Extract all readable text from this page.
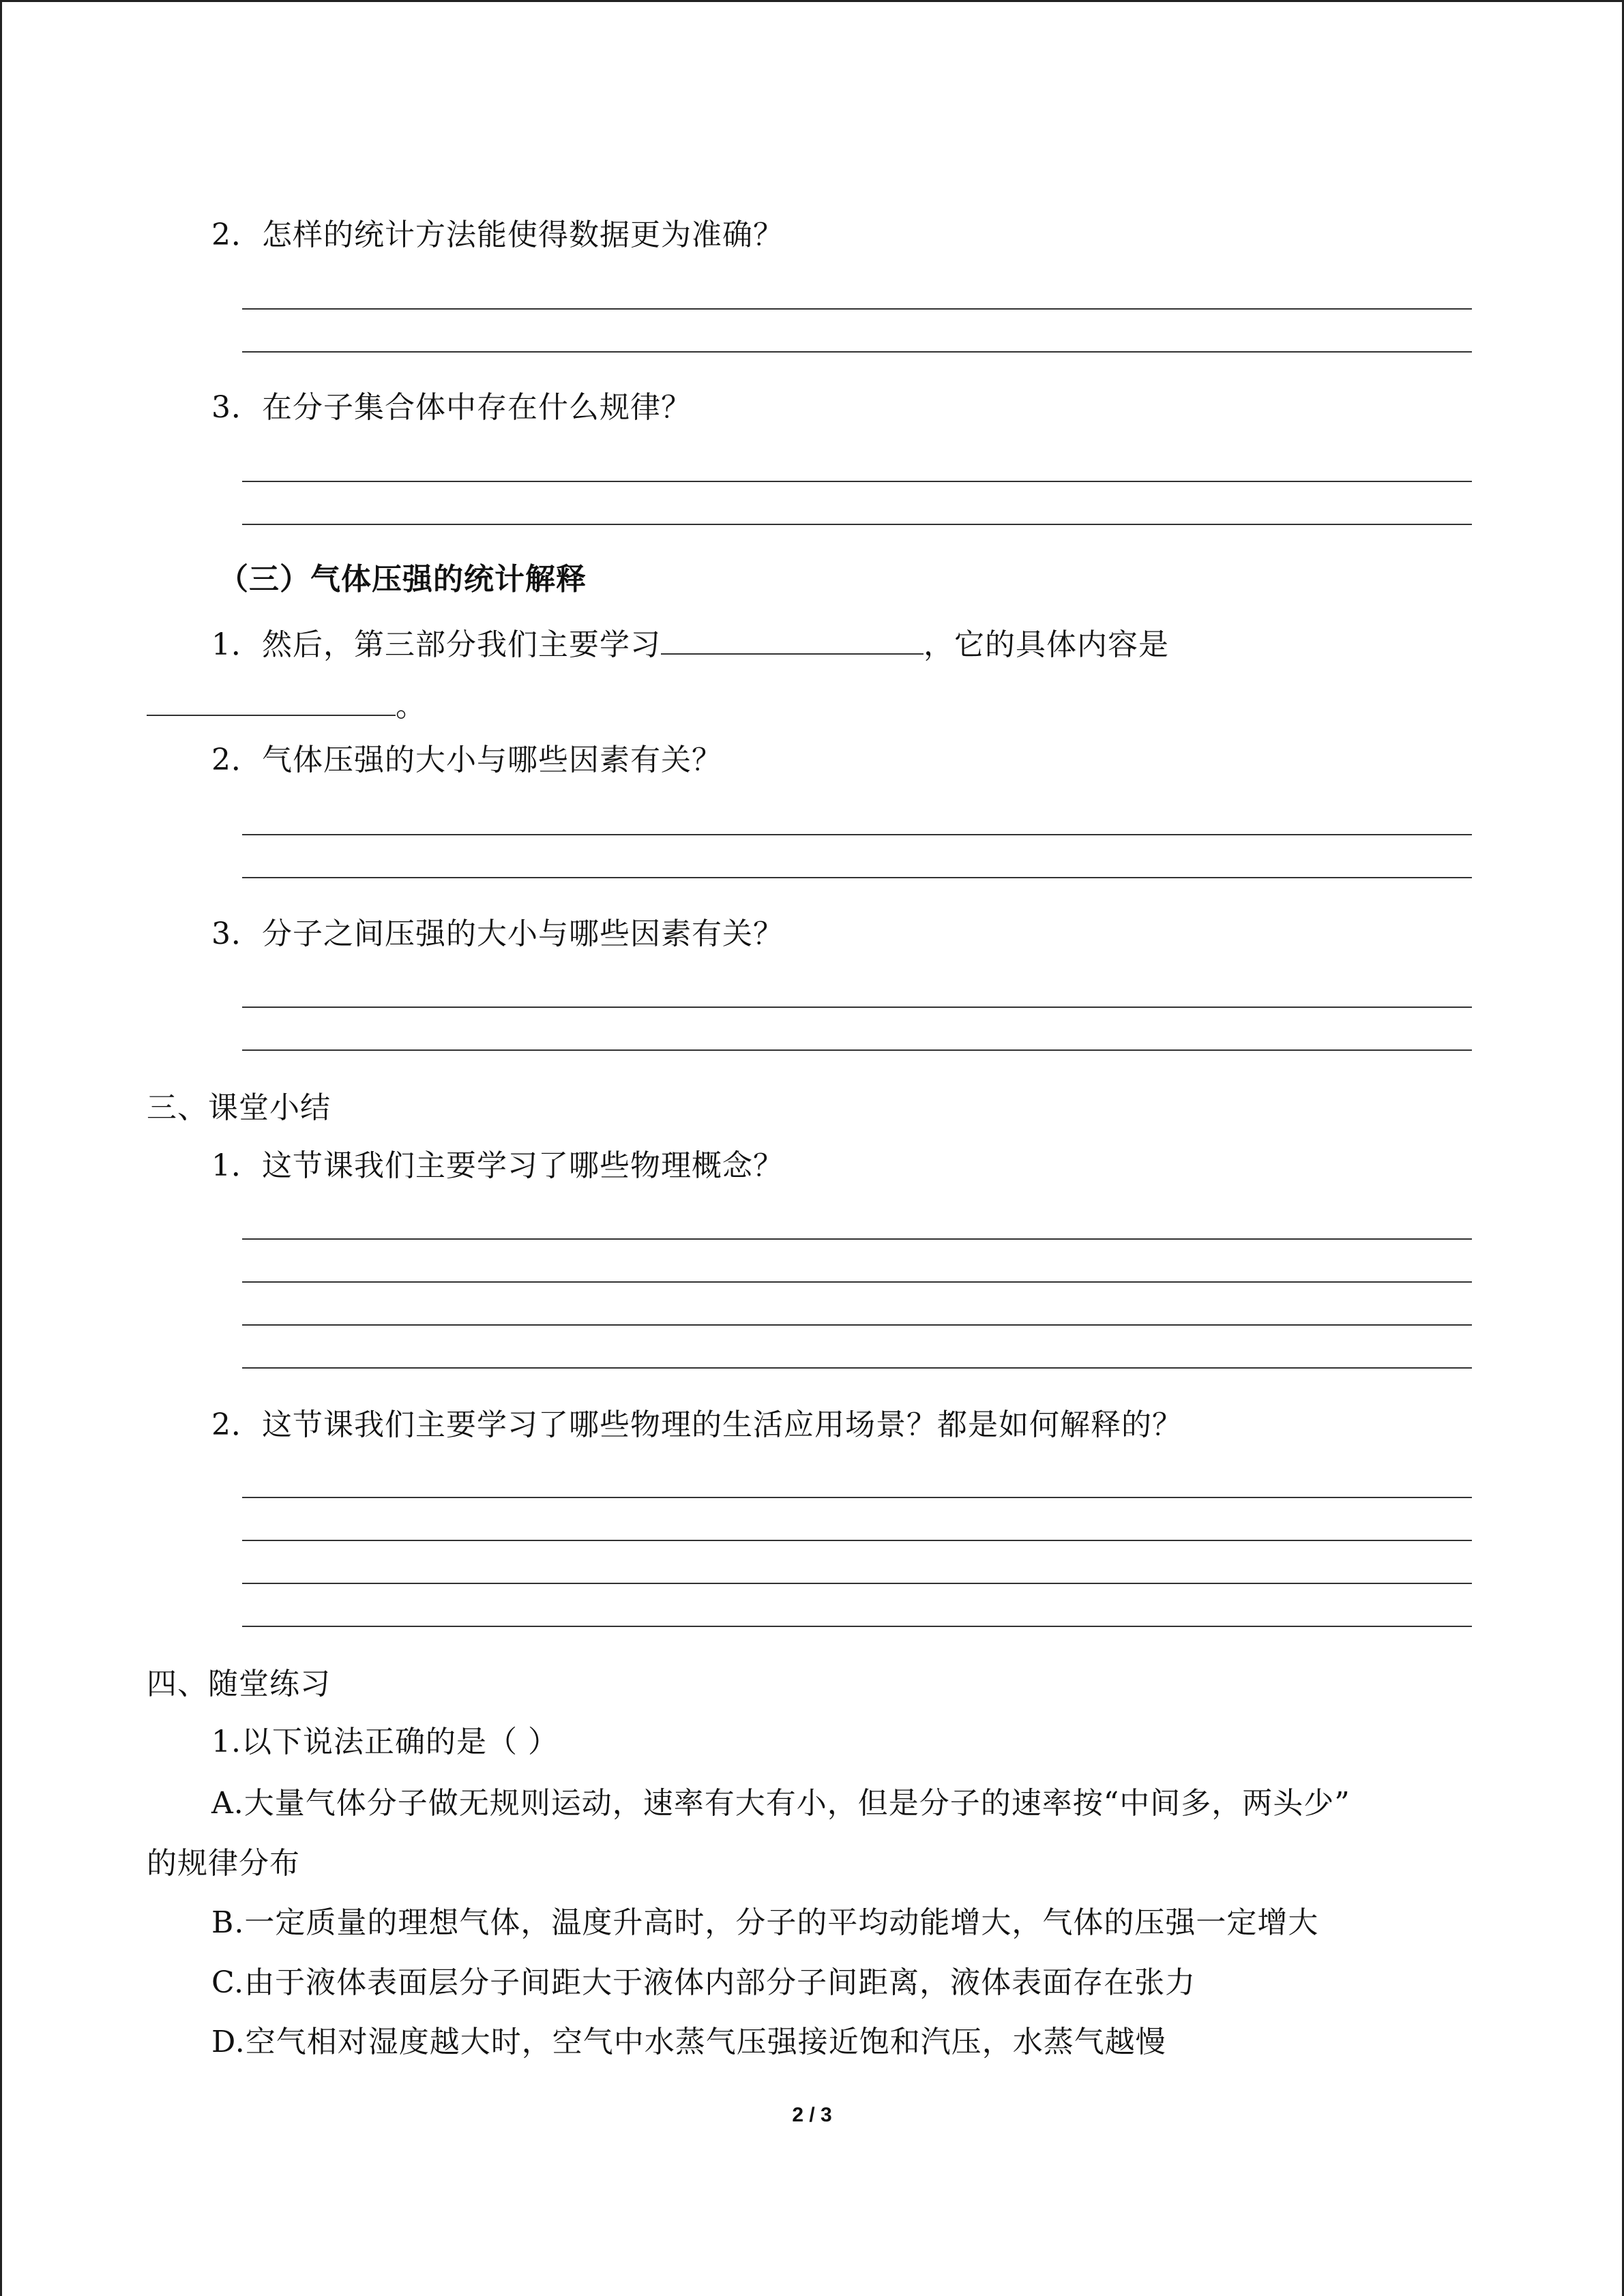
2．怎样的统计方法能使得数据更为准确？
3．在分子集合体中存在什么规律？
（三）气体压强的统计解释
1．然后，第三部分我们主要学习	，它的具体内容是
。
2．气体压强的大小与哪些因素有关？
3．分子之间压强的大小与哪些因素有关？
三、课堂小结
1．这节课我们主要学习了哪些物理概念？
2．这节课我们主要学习了哪些物理的生活应用场景？都是如何解释的？
四、随堂练习
1.以下说法正确的是（ ）
A.大量气体分子做无规则运动，速率有大有小，但是分子的速率按“中间多，两头少”
的规律分布
B.一定质量的理想气体，温度升高时，分子的平均动能增大，气体的压强一定增大
C.由于液体表面层分子间距大于液体内部分子间距离，液体表面存在张力
D.空气相对湿度越大时，空气中水蒸气压强接近饱和汽压，水蒸气越慢
2 / 3
